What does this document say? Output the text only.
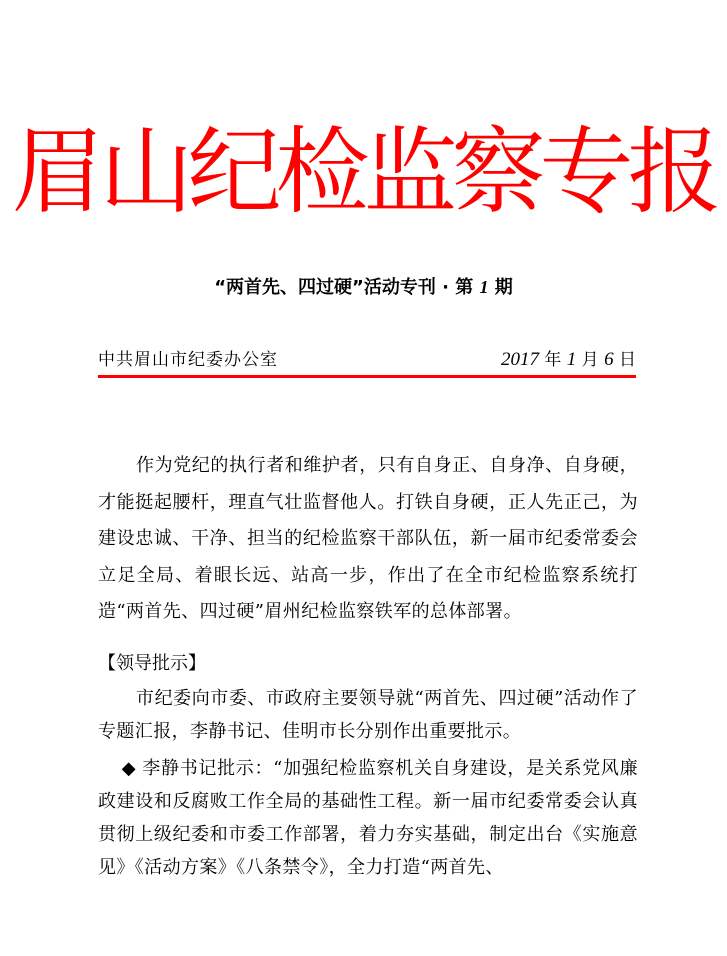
眉山纪检监察专报
“两首先、四过硬”活动专刊 · 第 1 期
中共眉山市纪委办公室	2017 年 1 月 6 日

作为党纪的执行者和维护者，只有自身正、自身净、自身硬，才能挺起腰杆，理直气壮监督他人。打铁自身硬，正人先正己，为建设忠诚、干净、担当的纪检监察干部队伍，新一届市纪委常委会立足全局、着眼长远、站高一步，作出了在全市纪检监察系统打造“两首先、四过硬”眉州纪检监察铁军的总体部署。

【领导批示】

市纪委向市委、市政府主要领导就“两首先、四过硬”活动作了专题汇报，李静书记、佳明市长分别作出重要批示。

◆ 李静书记批示：“加强纪检监察机关自身建设，是关系党风廉政建设和反腐败工作全局的基础性工程。新一届市纪委常委会认真贯彻上级纪委和市委工作部署，着力夯实基础，制定出台《实施意见》《活动方案》《八条禁令》，全力打造“两首先、
